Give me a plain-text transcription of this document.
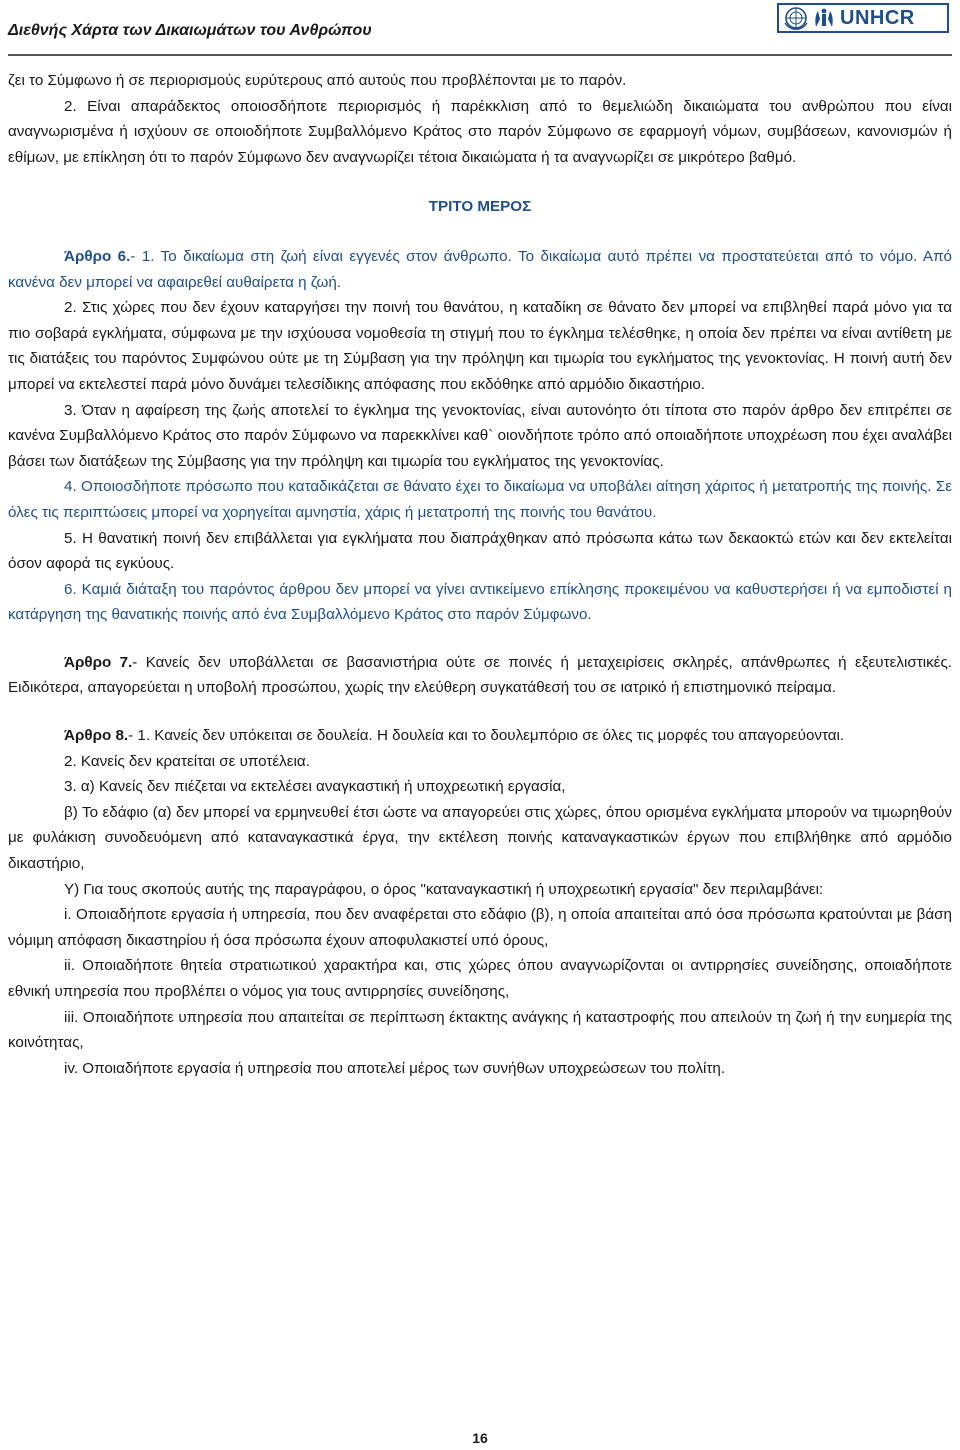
Διεθνής Χάρτα των Δικαιωμάτων του Ανθρώπου
UNHCR

ζει το Σύμφωνο ή σε περιορισμούς ευρύτερους από αυτούς που προβλέπονται με το παρόν.

2. Είναι απαράδεκτος οποιοσδήποτε περιορισμός ή παρέκκλιση από το θεμελιώδη δικαιώματα του ανθρώπου που είναι αναγνωρισμένα ή ισχύουν σε οποιοδήποτε Συμβαλλόμενο Κράτος στο παρόν Σύμφωνο σε εφαρμογή νόμων, συμβάσεων, κανονισμών ή εθίμων, με επίκληση ότι το παρόν Σύμφωνο δεν αναγνωρίζει τέτοια δικαιώματα ή τα αναγνωρίζει σε μικρότερο βαθμό.

ΤΡΙΤΟ ΜΕΡΟΣ

Άρθρο 6.- 1. Το δικαίωμα στη ζωή είναι εγγενές στον άνθρωπο. Το δικαίωμα αυτό πρέπει να προστατεύεται από το νόμο. Από κανένα δεν μπορεί να αφαιρεθεί αυθαίρετα η ζωή.

2. Στις χώρες που δεν έχουν καταργήσει την ποινή του θανάτου, η καταδίκη σε θάνατο δεν μπορεί να επιβληθεί παρά μόνο για τα πιο σοβαρά εγκλήματα, σύμφωνα με την ισχύουσα νομοθεσία τη στιγμή που το έγκλημα τελέσθηκε, η οποία δεν πρέπει να είναι αντίθετη με τις διατάξεις του παρόντος Συμφώνου ούτε με τη Σύμβαση για την πρόληψη και τιμωρία του εγκλήματος της γενοκτονίας. Η ποινή αυτή δεν μπορεί να εκτελεστεί παρά μόνο δυνάμει τελεσίδικης απόφασης που εκδόθηκε από αρμόδιο δικαστήριο.

3. Όταν η αφαίρεση της ζωής αποτελεί το έγκλημα της γενοκτονίας, είναι αυτονόητο ότι τίποτα στο παρόν άρθρο δεν επιτρέπει σε κανένα Συμβαλλόμενο Κράτος στο παρόν Σύμφωνο να παρεκκλίνει καθ` οιονδήποτε τρόπο από οποιαδήποτε υποχρέωση που έχει αναλάβει βάσει των διατάξεων της Σύμβασης για την πρόληψη και τιμωρία του εγκλήματος της γενοκτονίας.

4. Οποιοσδήποτε πρόσωπο που καταδικάζεται σε θάνατο έχει το δικαίωμα να υποβάλει αίτηση χάριτος ή μετατροπής της ποινής. Σε όλες τις περιπτώσεις μπορεί να χορηγείται αμνηστία, χάρις ή μετατροπή της ποινής του θανάτου.

5. Η θανατική ποινή δεν επιβάλλεται για εγκλήματα που διαπράχθηκαν από πρόσωπα κάτω των δεκαοκτώ ετών και δεν εκτελείται όσον αφορά τις εγκύους.

6. Καμιά διάταξη του παρόντος άρθρου δεν μπορεί να γίνει αντικείμενο επίκλησης προκειμένου να καθυστερήσει ή να εμποδιστεί η κατάργηση της θανατικής ποινής από ένα Συμβαλλόμενο Κράτος στο παρόν Σύμφωνο.

Άρθρο 7.- Κανείς δεν υποβάλλεται σε βασανιστήρια ούτε σε ποινές ή μεταχειρίσεις σκληρές, απάνθρωπες ή εξευτελιστικές. Ειδικότερα, απαγορεύεται η υποβολή προσώπου, χωρίς την ελεύθερη συγκατάθεσή του σε ιατρικό ή επιστημονικό πείραμα.

Άρθρο 8.- 1. Κανείς δεν υπόκειται σε δουλεία. Η δουλεία και το δουλεμπόριο σε όλες τις μορφές του απαγορεύονται.

2. Κανείς δεν κρατείται σε υποτέλεια.

3. α) Κανείς δεν πιέζεται να εκτελέσει αναγκαστική ή υποχρεωτική εργασία,

β) Το εδάφιο (α) δεν μπορεί να ερμηνευθεί έτσι ώστε να απαγορεύει στις χώρες, όπου ορισμένα εγκλήματα μπορούν να τιμωρηθούν με φυλάκιση συνοδευόμενη από καταναγκαστικά έργα, την εκτέλεση ποινής καταναγκαστικών έργων που επιβλήθηκε από αρμόδιο δικαστήριο,

Υ) Για τους σκοπούς αυτής της παραγράφου, ο όρος "καταναγκαστική ή υποχρεωτική εργασία" δεν περιλαμβάνει:

i. Οποιαδήποτε εργασία ή υπηρεσία, που δεν αναφέρεται στο εδάφιο (β), η οποία απαιτείται από όσα πρόσωπα κρατούνται με βάση νόμιμη απόφαση δικαστηρίου ή όσα πρόσωπα έχουν αποφυλακιστεί υπό όρους,

ii. Οποιαδήποτε θητεία στρατιωτικού χαρακτήρα και, στις χώρες όπου αναγνωρίζονται οι αντιρρησίες συνείδησης, οποιαδήποτε εθνική υπηρεσία που προβλέπει ο νόμος για τους αντιρρησίες συνείδησης,

iii. Οποιαδήποτε υπηρεσία που απαιτείται σε περίπτωση έκτακτης ανάγκης ή καταστροφής που απειλούν τη ζωή ή την ευημερία της κοινότητας,

iv. Οποιαδήποτε εργασία ή υπηρεσία που αποτελεί μέρος των συνήθων υποχρεώσεων του πολίτη.

16
